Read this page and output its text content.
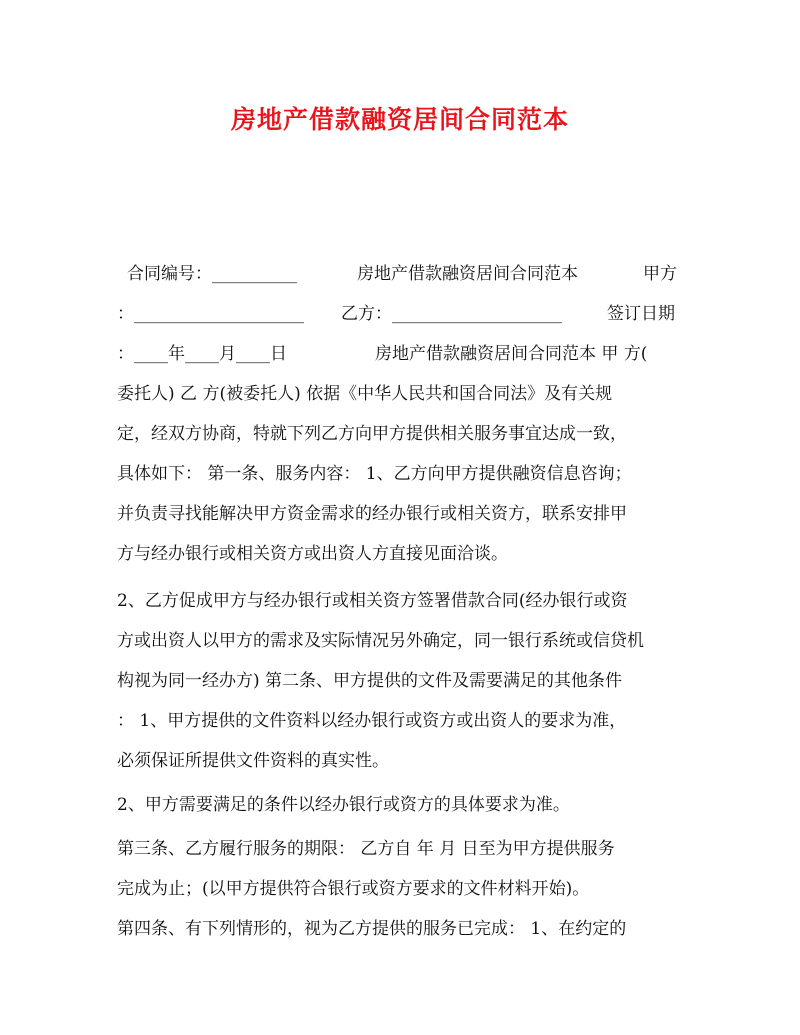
房地产借款融资居间合同范本
合同编号：__________	房地产借款融资居间合同范本	甲方
：____________________ 乙方：____________________	签订日期
：____年____月____日	房地产借款融资居间合同范本 甲 方(
委托人) 乙 方(被委托人) 依据《中华人民共和国合同法》及有关规
定，经双方协商，特就下列乙方向甲方提供相关服务事宜达成一致，
具体如下： 第一条、服务内容： 1、乙方向甲方提供融资信息咨询；
并负责寻找能解决甲方资金需求的经办银行或相关资方，联系安排甲
方与经办银行或相关资方或出资人方直接见面洽谈。
2、乙方促成甲方与经办银行或相关资方签署借款合同(经办银行或资
方或出资人以甲方的需求及实际情况另外确定，同一银行系统或信贷机
构视为同一经办方) 第二条、甲方提供的文件及需要满足的其他条件
： 1、甲方提供的文件资料以经办银行或资方或出资人的要求为准，
必须保证所提供文件资料的真实性。
2、甲方需要满足的条件以经办银行或资方的具体要求为准。
第三条、乙方履行服务的期限： 乙方自 年 月 日至为甲方提供服务
完成为止；(以甲方提供符合银行或资方要求的文件材料开始)。
第四条、有下列情形的，视为乙方提供的服务已完成： 1、在约定的
